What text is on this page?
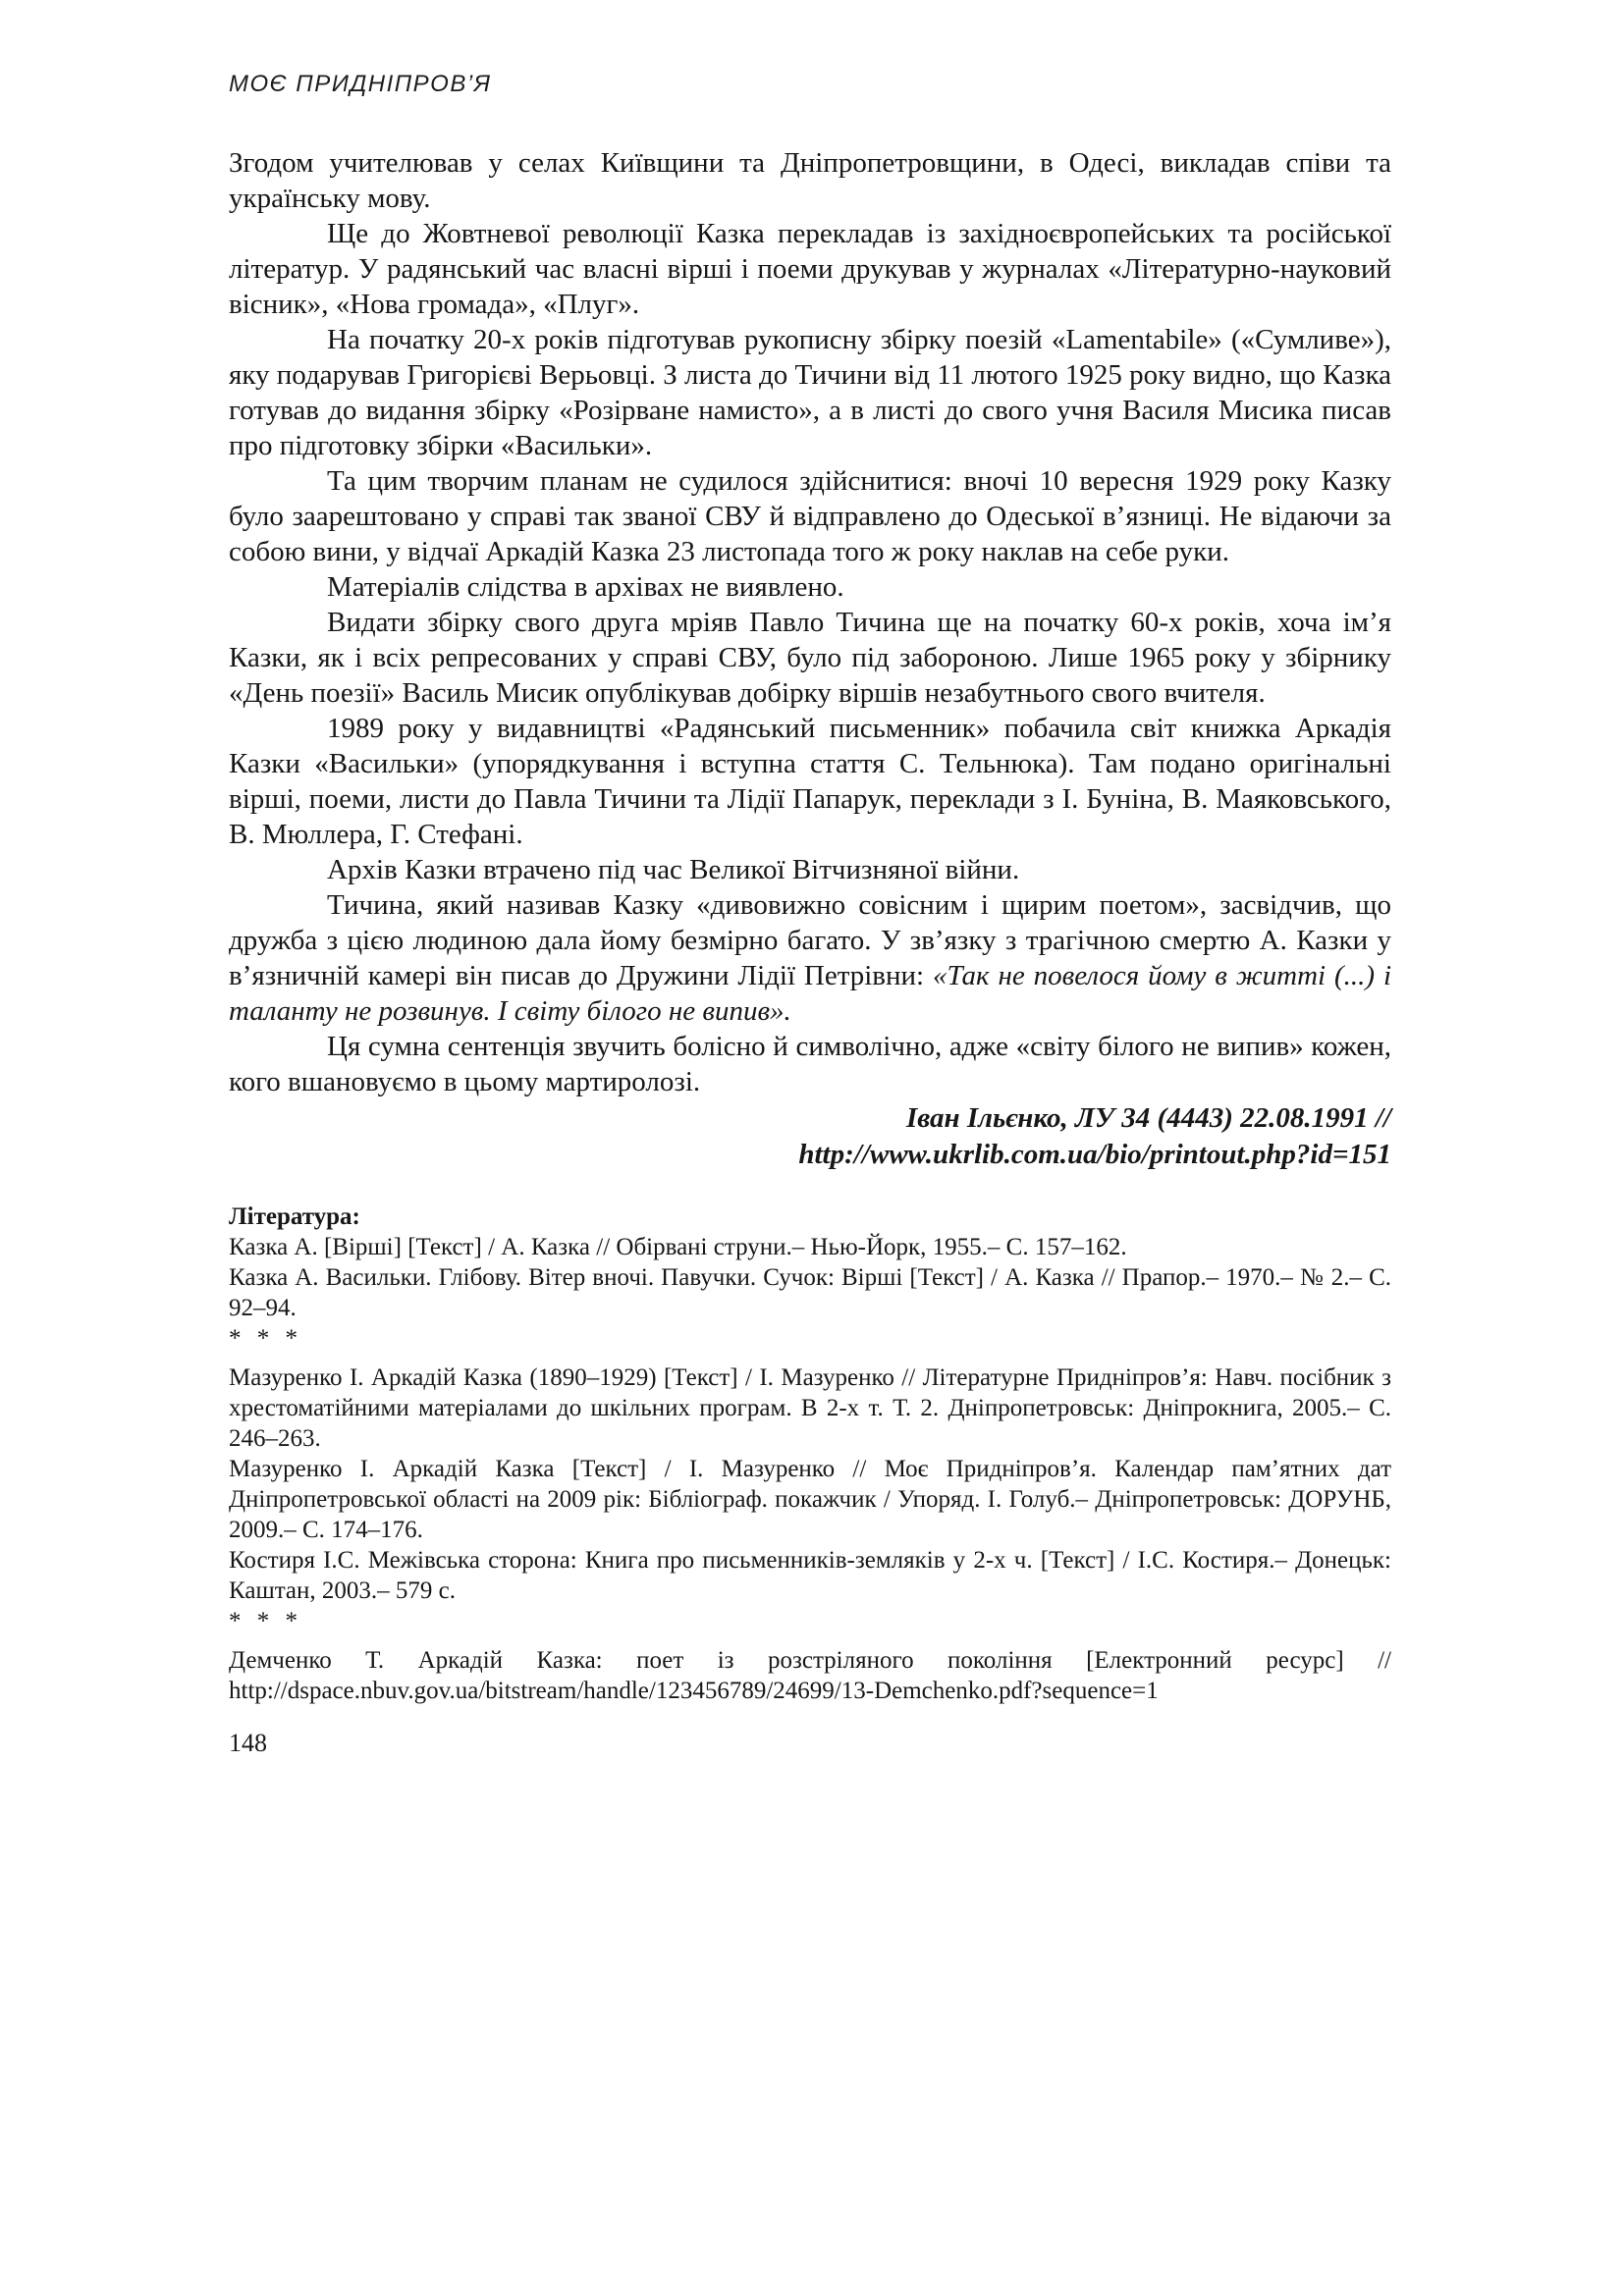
МОЄ ПРИДНІПРОВ’Я

Згодом учителював у селах Київщини та Дніпропетровщини, в Одесі, викладав співи та українську мову.

Ще до Жовтневої революції Казка перекладав із західноєвропейських та російської літератур. У радянський час власні вірші і поеми друкував у журналах «Літературно-науковий вісник», «Нова громада», «Плуг».

На початку 20-х років підготував рукописну збірку поезій «Lamentabile» («Сумливе»), яку подарував Григорієві Верьовці. З листа до Тичини від 11 лютого 1925 року видно, що Казка готував до видання збірку «Розірване намисто», а в листі до свого учня Василя Мисика писав про підготовку збірки «Васильки».

Та цим творчим планам не судилося здійснитися: вночі 10 вересня 1929 року Казку було заарештовано у справі так званої СВУ й відправлено до Одеської в’язниці. Не відаючи за собою вини, у відчаї Аркадій Казка 23 листопада того ж року наклав на себе руки.

Матеріалів слідства в архівах не виявлено.

Видати збірку свого друга мріяв Павло Тичина ще на початку 60-х років, хоча ім’я Казки, як і всіх репресованих у справі СВУ, було під забороною. Лише 1965 року у збірнику «День поезії» Василь Мисик опублікував добірку віршів незабутнього свого вчителя.

1989 року у видавництві «Радянський письменник» побачила світ книжка Аркадія Казки «Васильки» (упорядкування і вступна стаття С. Тельнюка). Там подано оригінальні вірші, поеми, листи до Павла Тичини та Лідії Папарук, переклади з І. Буніна, В. Маяковського, В. Мюллера, Г. Стефані.

Архів Казки втрачено під час Великої Вітчизняної війни.

Тичина, який називав Казку «дивовижно совісним і щирим поетом», засвідчив, що дружба з цією людиною дала йому безмірно багато. У зв’язку з трагічною смертю А. Казки у в’язничній камері він писав до Дружини Лідії Петрівни: «Так не повелося йому в житті (...) і таланту не розвинув. І світу білого не випив».

Ця сумна сентенція звучить болісно й символічно, адже «світу білого не випив» кожен, кого вшановуємо в цьому мартиролозі.

Іван Ільєнко, ЛУ 34 (4443) 22.08.1991 //
http://www.ukrlib.com.ua/bio/printout.php?id=151

Література:

Казка А. [Вірші] [Текст] / А. Казка // Обірвані струни.– Нью-Йорк, 1955.– С. 157–162.

Казка А. Васильки. Глібову. Вітер вночі. Павучки. Сучок: Вірші [Текст] / А. Казка // Прапор.– 1970.– № 2.– С. 92–94.

* * *

Мазуренко І. Аркадій Казка (1890–1929) [Текст] / І. Мазуренко // Літературне Придніпров’я: Навч. посібник з хрестоматійними матеріалами до шкільних програм. В 2-х т. Т. 2. Дніпропетровськ: Дніпрокнига, 2005.– С. 246–263.

Мазуренко І. Аркадій Казка [Текст] / І. Мазуренко // Моє Придніпров’я. Календар пам’ятних дат Дніпропетровської області на 2009 рік: Бібліограф. покажчик / Упоряд. І. Голуб.– Дніпропетровськ: ДОРУНБ, 2009.– С. 174–176.

Костиря І.С. Межівська сторона: Книга про письменників-земляків у 2-х ч. [Текст] / І.С. Костиря.– Донецьк: Каштан, 2003.– 579 с.

* * *

Демченко Т. Аркадій Казка: поет із розстріляного покоління [Електронний ресурс] // http://dspace.nbuv.gov.ua/bitstream/handle/123456789/24699/13-Demchenko.pdf?sequence=1

148
